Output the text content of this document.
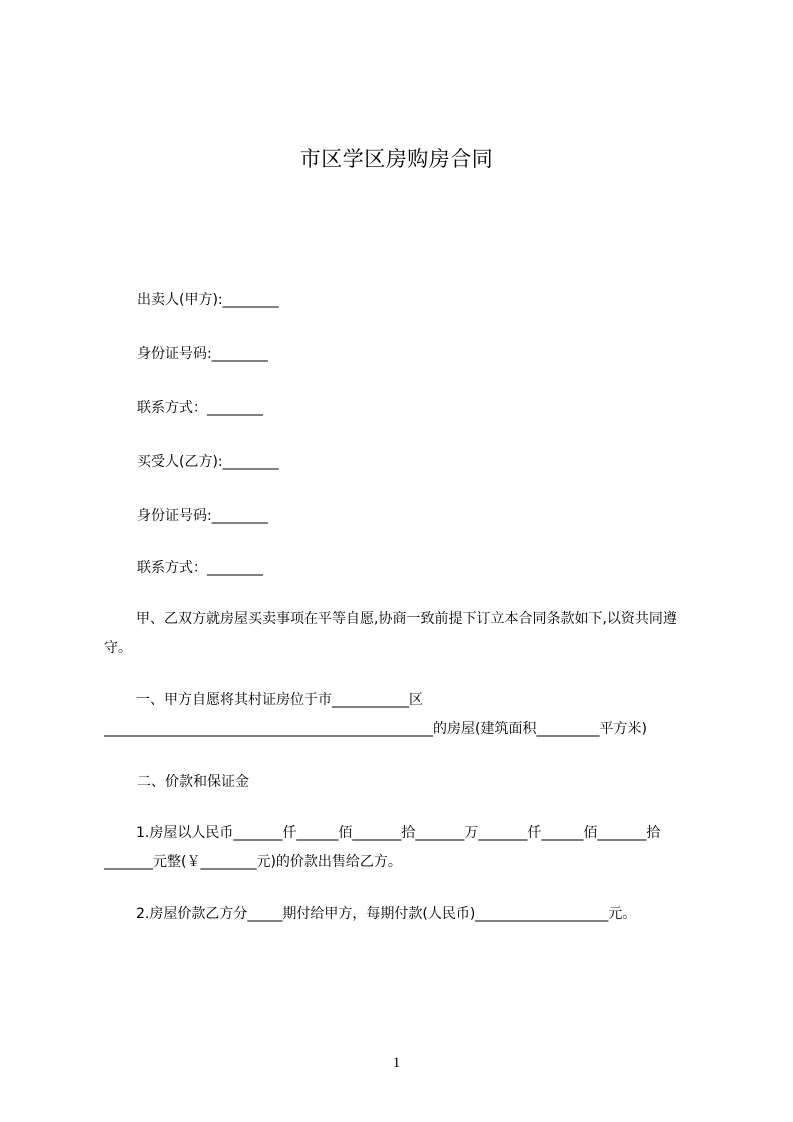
市区学区房购房合同
出卖人(甲方):________
身份证号码:________
联系方式：________
买受人(乙方):________
身份证号码:________
联系方式：________

甲、乙双方就房屋买卖事项在平等自愿,协商一致前提下订立本合同条款如下,以资共同遵守。

一、甲方自愿将其村证房位于市___________区_______________________________________________的房屋(建筑面积_________平方米)

二、价款和保证金

1.房屋以人民币_______仟______佰_______拾_______万_______仟______佰_______拾_______元整(￥________元)的价款出售给乙方。

2.房屋价款乙方分_____期付给甲方，每期付款(人民币)___________________元。

1
